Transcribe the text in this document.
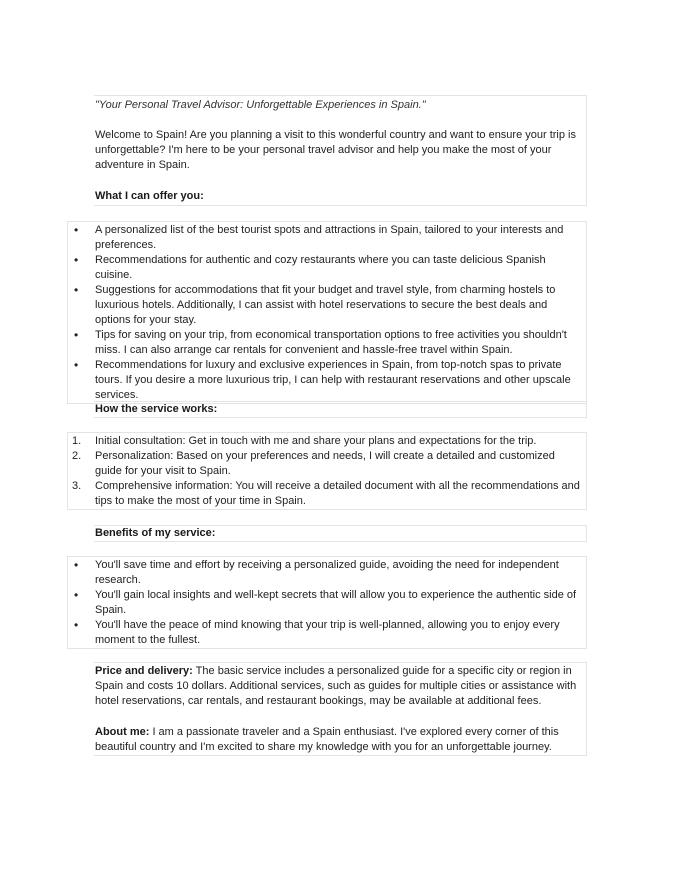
"Your Personal Travel Advisor: Unforgettable Experiences in Spain."

Welcome to Spain! Are you planning a visit to this wonderful country and want to ensure your trip is unforgettable? I'm here to be your personal travel advisor and help you make the most of your adventure in Spain.

What I can offer you:

• A personalized list of the best tourist spots and attractions in Spain, tailored to your interests and preferences.
• Recommendations for authentic and cozy restaurants where you can taste delicious Spanish cuisine.
• Suggestions for accommodations that fit your budget and travel style, from charming hostels to luxurious hotels. Additionally, I can assist with hotel reservations to secure the best deals and options for your stay.
• Tips for saving on your trip, from economical transportation options to free activities you shouldn't miss. I can also arrange car rentals for convenient and hassle-free travel within Spain.
• Recommendations for luxury and exclusive experiences in Spain, from top-notch spas to private tours. If you desire a more luxurious trip, I can help with restaurant reservations and other upscale services.

How the service works:

1. Initial consultation: Get in touch with me and share your plans and expectations for the trip.
2. Personalization: Based on your preferences and needs, I will create a detailed and customized guide for your visit to Spain.
3. Comprehensive information: You will receive a detailed document with all the recommendations and tips to make the most of your time in Spain.

Benefits of my service:

• You'll save time and effort by receiving a personalized guide, avoiding the need for independent research.
• You'll gain local insights and well-kept secrets that will allow you to experience the authentic side of Spain.
• You'll have the peace of mind knowing that your trip is well-planned, allowing you to enjoy every moment to the fullest.

Price and delivery: The basic service includes a personalized guide for a specific city or region in Spain and costs 10 dollars. Additional services, such as guides for multiple cities or assistance with hotel reservations, car rentals, and restaurant bookings, may be available at additional fees.

About me: I am a passionate traveler and a Spain enthusiast. I've explored every corner of this beautiful country and I'm excited to share my knowledge with you for an unforgettable journey.
